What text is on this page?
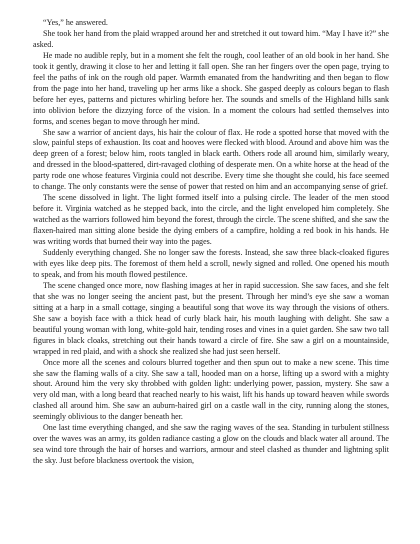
“Yes,” he answered.

She took her hand from the plaid wrapped around her and stretched it out toward him. “May I have it?” she asked.

He made no audible reply, but in a moment she felt the rough, cool leather of an old book in her hand. She took it gently, drawing it close to her and letting it fall open. She ran her fingers over the open page, trying to feel the paths of ink on the rough old paper. Warmth emanated from the handwriting and then began to flow from the page into her hand, traveling up her arms like a shock. She gasped deeply as colours began to flash before her eyes, patterns and pictures whirling before her. The sounds and smells of the Highland hills sank into oblivion before the dizzying force of the vision. In a moment the colours had settled themselves into forms, and scenes began to move through her mind.

She saw a warrior of ancient days, his hair the colour of flax. He rode a spotted horse that moved with the slow, painful steps of exhaustion. Its coat and hooves were flecked with blood. Around and above him was the deep green of a forest; below him, roots tangled in black earth. Others rode all around him, similarly weary, and dressed in the blood-spattered, dirt-ravaged clothing of desperate men. On a white horse at the head of the party rode one whose features Virginia could not describe. Every time she thought she could, his face seemed to change. The only constants were the sense of power that rested on him and an accompanying sense of grief.

The scene dissolved in light. The light formed itself into a pulsing circle. The leader of the men stood before it. Virginia watched as he stepped back, into the circle, and the light enveloped him completely. She watched as the warriors followed him beyond the forest, through the circle. The scene shifted, and she saw the flaxen-haired man sitting alone beside the dying embers of a campfire, holding a red book in his hands. He was writing words that burned their way into the pages.

Suddenly everything changed. She no longer saw the forests. Instead, she saw three black-cloaked figures with eyes like deep pits. The foremost of them held a scroll, newly signed and rolled. One opened his mouth to speak, and from his mouth flowed pestilence.

The scene changed once more, now flashing images at her in rapid succession. She saw faces, and she felt that she was no longer seeing the ancient past, but the present. Through her mind’s eye she saw a woman sitting at a harp in a small cottage, singing a beautiful song that wove its way through the visions of others. She saw a boyish face with a thick head of curly black hair, his mouth laughing with delight. She saw a beautiful young woman with long, white-gold hair, tending roses and vines in a quiet garden. She saw two tall figures in black cloaks, stretching out their hands toward a circle of fire. She saw a girl on a mountainside, wrapped in red plaid, and with a shock she realized she had just seen herself.

Once more all the scenes and colours blurred together and then spun out to make a new scene. This time she saw the flaming walls of a city. She saw a tall, hooded man on a horse, lifting up a sword with a mighty shout. Around him the very sky throbbed with golden light: underlying power, passion, mystery. She saw a very old man, with a long beard that reached nearly to his waist, lift his hands up toward heaven while swords clashed all around him. She saw an auburn-haired girl on a castle wall in the city, running along the stones, seemingly oblivious to the danger beneath her.

One last time everything changed, and she saw the raging waves of the sea. Standing in turbulent stillness over the waves was an army, its golden radiance casting a glow on the clouds and black water all around. The sea wind tore through the hair of horses and warriors, armour and steel clashed as thunder and lightning split the sky. Just before blackness overtook the vision,
